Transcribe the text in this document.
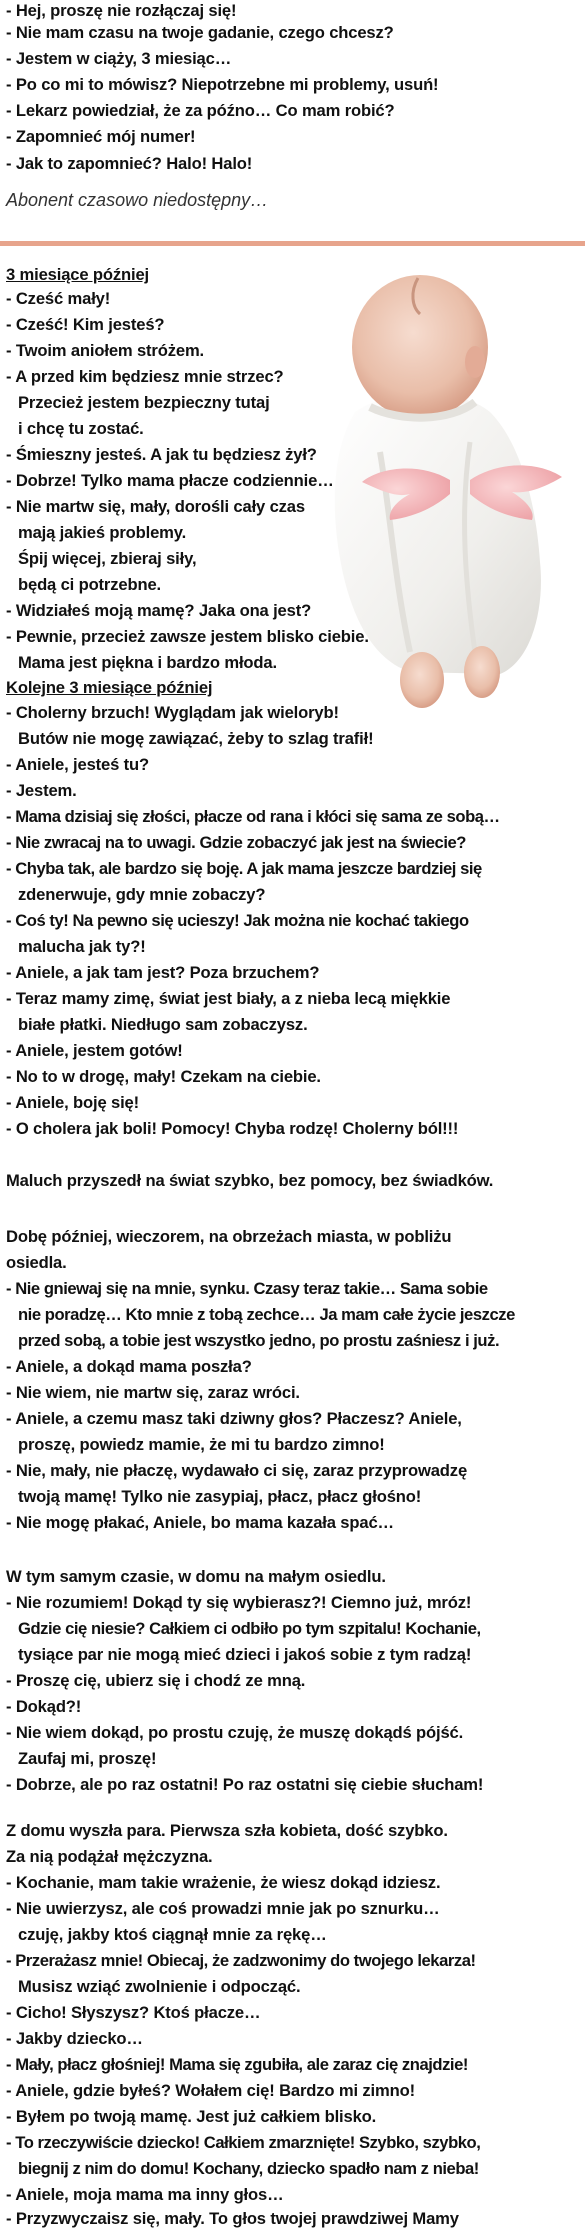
- Hej, proszę nie rozłączaj się!
- Nie mam czasu na twoje gadanie, czego chcesz?
- Jestem w ciąży, 3 miesiąc…
- Po co mi to mówisz? Niepotrzebne mi problemy, usuń!
- Lekarz powiedział, że za późno… Co mam robić?
- Zapomnieć mój numer!
- Jak to zapomnieć? Halo! Halo!
Abonent czasowo niedostępny…
3 miesiące później
- Cześć mały!
- Cześć! Kim jesteś?
- Twoim aniołem stróżem.
- A przed kim będziesz mnie strzec?
Przecież jestem bezpieczny tutaj
i chcę tu zostać.
- Śmieszny jesteś. A jak tu będziesz żył?
- Dobrze! Tylko mama płacze codziennie…
- Nie martw się, mały, dorośli cały czas
mają jakieś problemy.
Śpij więcej, zbieraj siły,
będą ci potrzebne.
- Widziałeś moją mamę? Jaka ona jest?
- Pewnie, przecież zawsze jestem blisko ciebie.
Mama jest piękna i bardzo młoda.
Kolejne 3 miesiące później
- Cholerny brzuch! Wyglądam jak wieloryb!
Butów nie mogę zawiązać, żeby to szlag trafił!
- Aniele, jesteś tu?
- Jestem.
- Mama dzisiaj się złości, płacze od rana i kłóci się sama ze sobą…
- Nie zwracaj na to uwagi. Gdzie zobaczyć jak jest na świecie?
- Chyba tak, ale bardzo się boję. A jak mama jeszcze bardziej się
zdenerwuje, gdy mnie zobaczy?
- Coś ty! Na pewno się ucieszy! Jak można nie kochać takiego
malucha jak ty?!
- Aniele, a jak tam jest? Poza brzuchem?
- Teraz mamy zimę, świat jest biały, a z nieba lecą miękkie
białe płatki. Niedługo sam zobaczysz.
- Aniele, jestem gotów!
- No to w drogę, mały! Czekam na ciebie.
- Aniele, boję się!
- O cholera jak boli! Pomocy! Chyba rodzę! Cholerny ból!!!
Maluch przyszedł na świat szybko, bez pomocy, bez świadków.
Dobę później, wieczorem, na obrzeżach miasta, w pobliżu
osiedla.
- Nie gniewaj się na mnie, synku. Czasy teraz takie… Sama sobie
nie poradzę… Kto mnie z tobą zechce… Ja mam całe życie jeszcze
przed sobą, a tobie jest wszystko jedno, po prostu zaśniesz i już.
- Aniele, a dokąd mama poszła?
- Nie wiem, nie martw się, zaraz wróci.
- Aniele, a czemu masz taki dziwny głos? Płaczesz? Aniele,
proszę, powiedz mamie, że mi tu bardzo zimno!
- Nie, mały, nie płaczę, wydawało ci się, zaraz przyprowadzę
twoją mamę! Tylko nie zasypiaj, płacz, płacz głośno!
- Nie mogę płakać, Aniele, bo mama kazała spać…
W tym samym czasie, w domu na małym osiedlu.
- Nie rozumiem! Dokąd ty się wybierasz?! Ciemno już, mróz!
Gdzie cię niesie? Całkiem ci odbiło po tym szpitalu! Kochanie,
tysiące par nie mogą mieć dzieci i jakoś sobie z tym radzą!
- Proszę cię, ubierz się i chodź ze mną.
- Dokąd?!
- Nie wiem dokąd, po prostu czuję, że muszę dokądś pójść.
Zaufaj mi, proszę!
- Dobrze, ale po raz ostatni! Po raz ostatni się ciebie słucham!
Z domu wyszła para. Pierwsza szła kobieta, dość szybko.
Za nią podążał mężczyzna.
- Kochanie, mam takie wrażenie, że wiesz dokąd idziesz.
- Nie uwierzysz, ale coś prowadzi mnie jak po sznurku…
czuję, jakby ktoś ciągnął mnie za rękę…
- Przerażasz mnie! Obiecaj, że zadzwonimy do twojego lekarza!
Musisz wziąć zwolnienie i odpocząć.
- Cicho! Słyszysz? Ktoś płacze…
- Jakby dziecko…
- Mały, płacz głośniej! Mama się zgubiła, ale zaraz cię znajdzie!
- Aniele, gdzie byłeś? Wołałem cię! Bardzo mi zimno!
- Byłem po twoją mamę. Jest już całkiem blisko.
- To rzeczywiście dziecko! Całkiem zmarznięte! Szybko, szybko,
biegnij z nim do domu! Kochany, dziecko spadło nam z nieba!
- Aniele, moja mama ma inny głos…
- Przyzwyczaisz się, mały. To głos twojej prawdziwej Mamy
